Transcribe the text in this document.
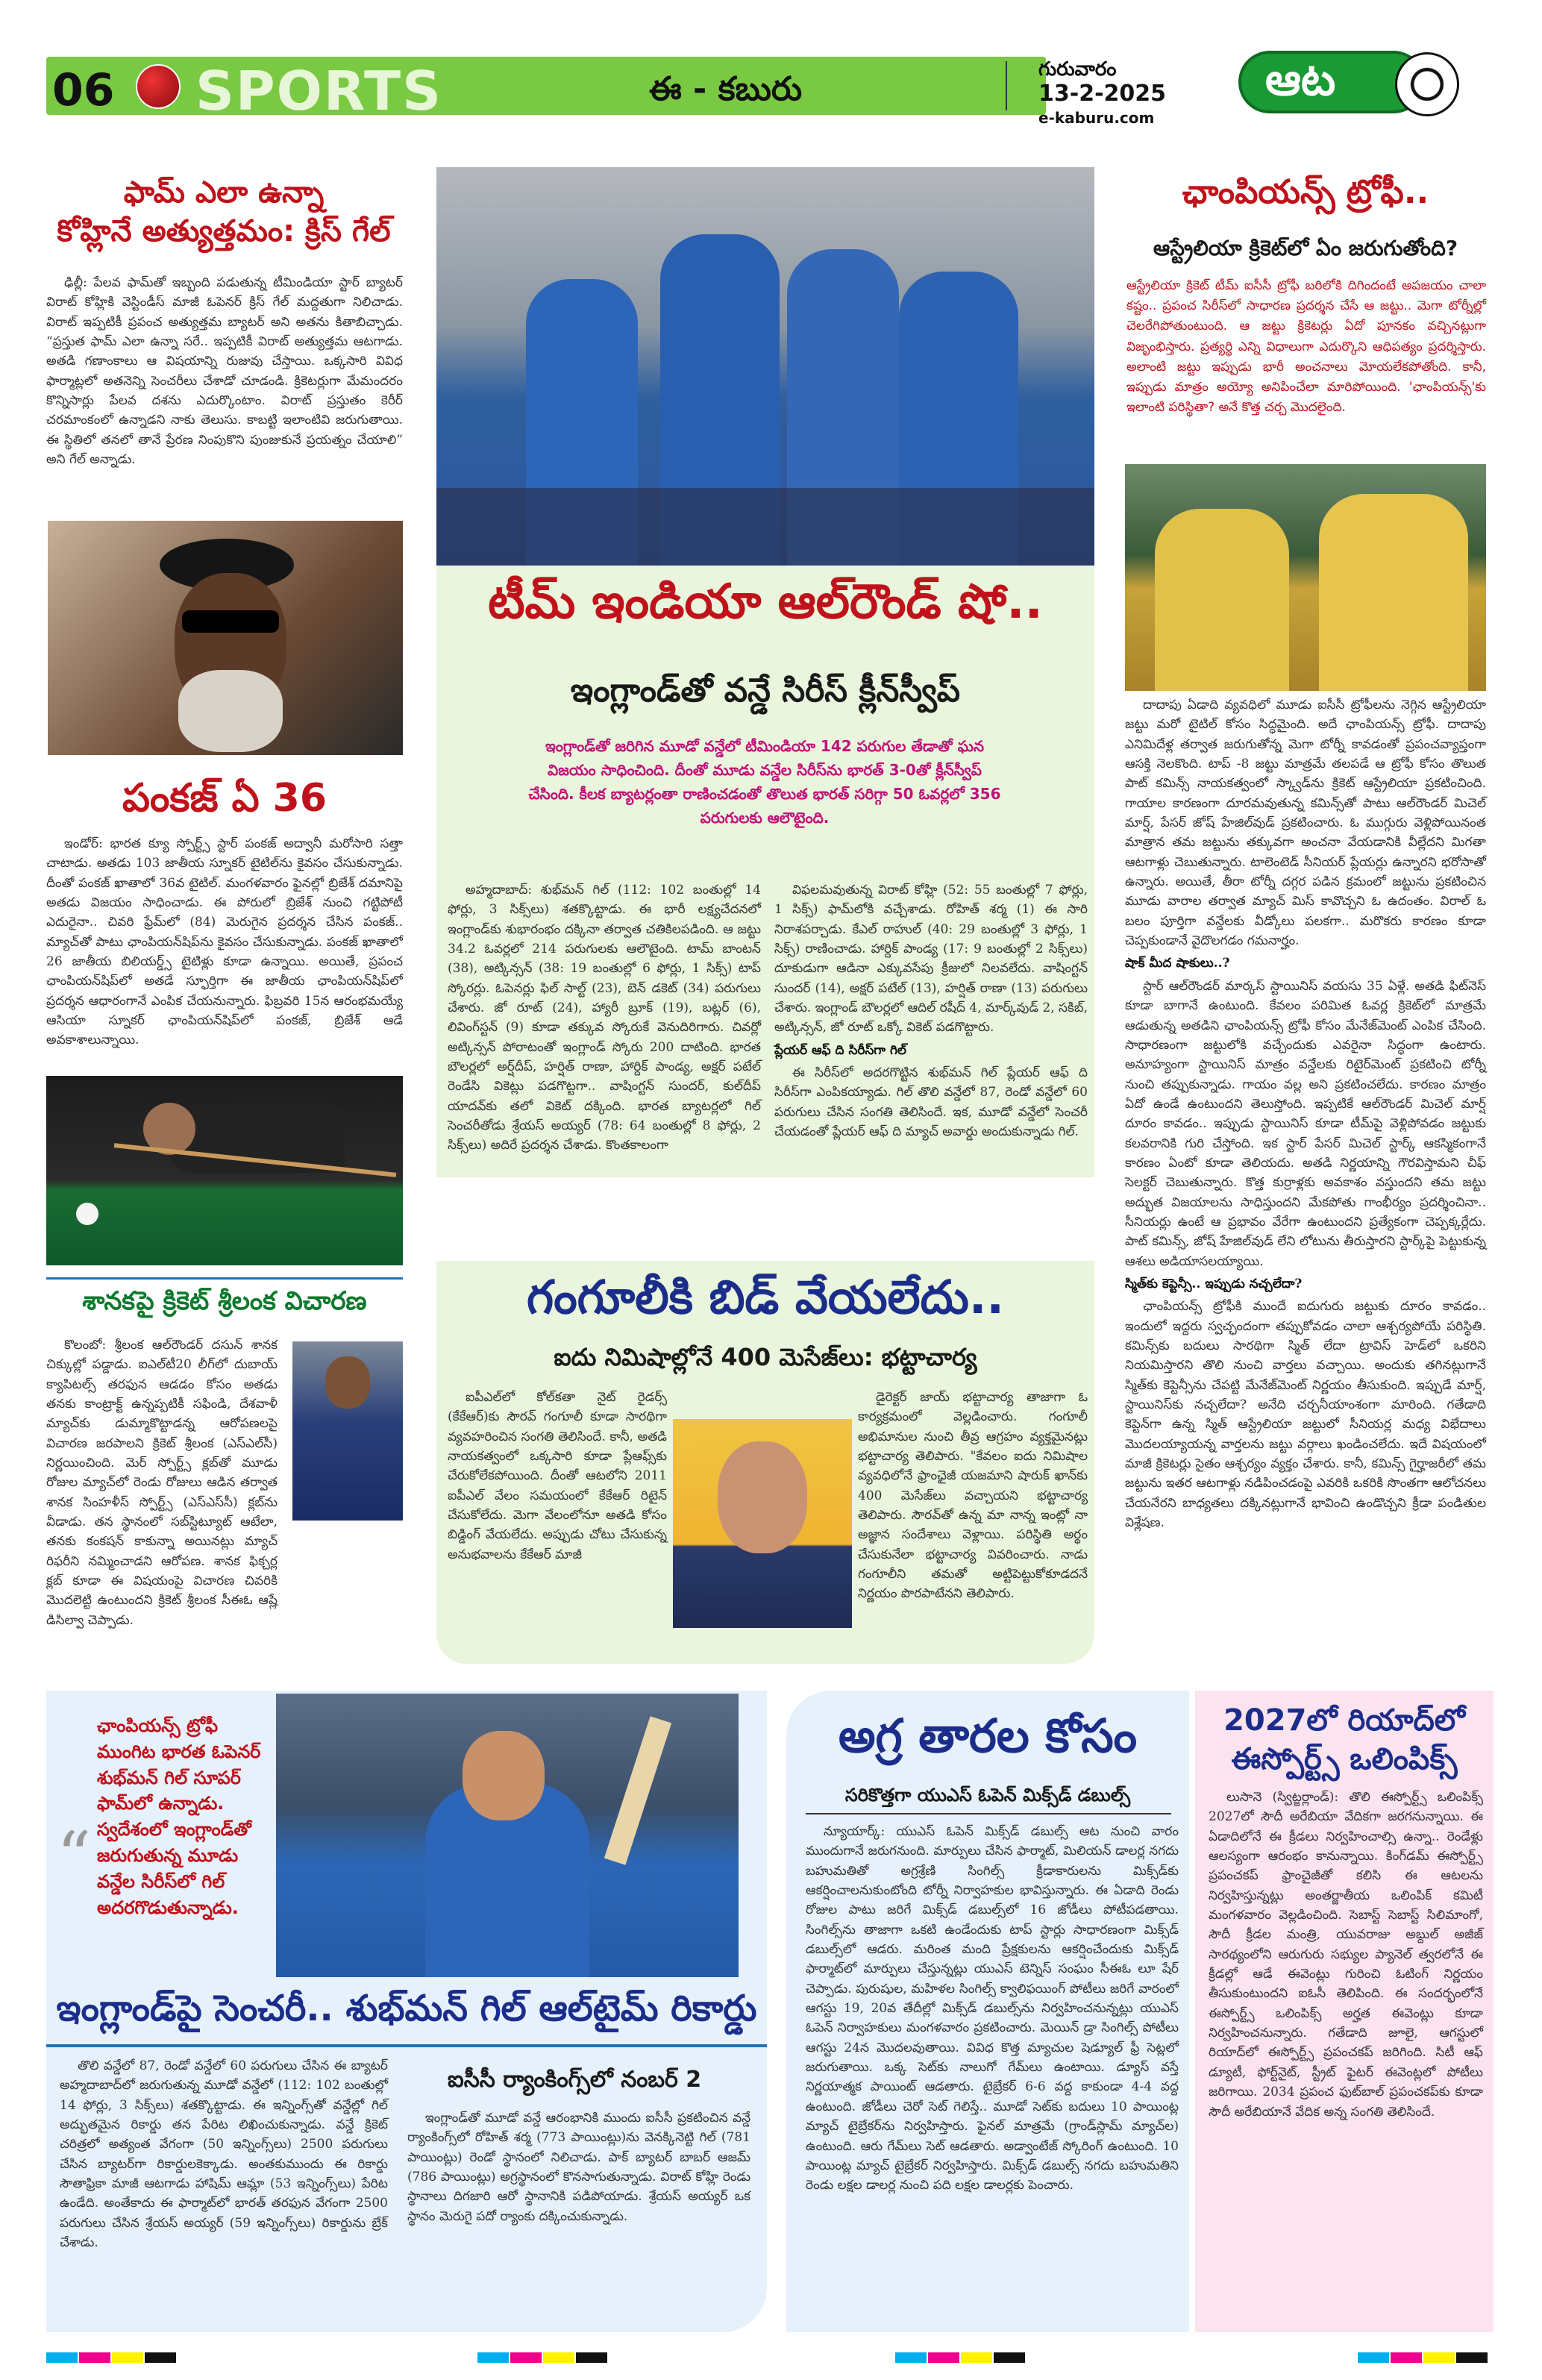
06 SPORTS	ఈ - కబురు
గురువారం
13-2-2025
e-kaburu.com
ఆట
ఫామ్ ఎలా ఉన్నా
కోహ్లినే అత్యుత్తమం: క్రిస్ గేల్

ఢిల్లీ: పేలవ ఫామ్‌తో ఇబ్బంది పడుతున్న టీమిండియా స్టార్ బ్యాటర్ విరాట్ కోహ్లికి వెస్టిండీస్ మాజీ ఓపెనర్ క్రిస్ గేల్ మద్దతుగా నిలిచాడు. విరాట్ ఇప్పటికీ ప్రపంచ అత్యుత్తమ బ్యాటర్ అని అతను కితాబిచ్చాడు. “ప్రస్తుత ఫామ్ ఎలా ఉన్నా సరే.. ఇప్పటికీ విరాట్ అత్యుత్తమ ఆటగాడు. అతడి గణాంకాలు ఆ విషయాన్ని రుజువు చేస్తాయి. ఒక్కసారి వివిధ ఫార్మాట్లలో అతనెన్ని సెంచరీలు చేశాడో చూడండి. క్రికెటర్లుగా మేమందరం కొన్నిసార్లు పేలవ దశను ఎదుర్కొంటాం. విరాట్ ప్రస్తుతం కెరీర్ చరమాంకంలో ఉన్నాడని నాకు తెలుసు. కాబట్టి ఇలాంటివి జరుగుతాయి. ఈ స్థితిలో తనలో తానే ప్రేరణ నింపుకొని పుంజుకునే ప్రయత్నం చేయాలి” అని గేల్ అన్నాడు.

పంకజ్ ఏ 36

ఇండోర్: భారత క్యూ స్పోర్ట్స్ స్టార్ పంకజ్ అద్వానీ మరోసారి సత్తా చాటాడు. అతడు 103 జాతీయ స్నూకర్ టైటిల్‌ను కైవసం చేసుకున్నాడు. దీంతో పంకజ్ ఖాతాలో 36వ టైటిల్. మంగళవారం ఫైనల్లో బ్రిజేశ్ దమానిపై అతడు విజయం సాధించాడు. ఈ పోరులో బ్రిజేశ్ నుంచి గట్టిపోటీ ఎదురైనా.. చివరి ఫ్రేమ్‌లో (84) మెరుగైన ప్రదర్శన చేసిన పంకజ్.. మ్యాచ్‌తో పాటు ఛాంపియన్‌షిప్‌ను కైవసం చేసుకున్నాడు. పంకజ్ ఖాతాలో 26 జాతీయ బిలియర్డ్స్ టైటిళ్లు కూడా ఉన్నాయి. అయితే, ప్రపంచ ఛాంపియన్‌షిప్‌లో అతడే స్ఫూర్తిగా ఈ జాతీయ ఛాంపియన్‌షిప్‌లో ప్రదర్శన ఆధారంగానే ఎంపిక చేయనున్నారు. ఫిబ్రవరి 15న ఆరంభమయ్యే ఆసియా స్నూకర్ ఛాంపియన్‌షిప్‌లో పంకజ్, బ్రిజేశ్ ఆడే అవకాశాలున్నాయి.

శానకపై క్రికెట్ శ్రీలంక విచారణ

కొలంబో: శ్రీలంక ఆల్‌రౌండర్ దసున్ శానక చిక్కుల్లో పడ్డాడు. ఐఎల్‌టీ20 లీగ్‌లో దుబాయ్ క్యాపిటల్స్ తరఫున ఆడడం కోసం అతడు తనకు కాంట్రాక్ట్ ఉన్నప్పటికీ సఫిండి, దేశవాళీ మ్యాచ్‌కు డుమ్మాకొట్టాడన్న ఆరోపణలపై విచారణ జరపాలని క్రికెట్ శ్రీలంక (ఎస్ఎల్‌సీ) నిర్ణయించింది. మెర్ స్పోర్ట్స్ క్లబ్‌తో మూడు రోజుల మ్యాచ్‌లో రెండు రోజులు ఆడిన తర్వాత శానక సింహళీస్ స్పోర్ట్స్ (ఎస్ఎస్‌సీ) క్లబ్‌ను వీడాడు. తన స్థానంలో సబ్‌స్టిట్యూట్ ఆటేలా, తనకు కంకషన్ కాకున్నా అయినట్లు మ్యాచ్ రిఫరీని నమ్మించాడని ఆరోపణ. శానక ఫిక్చర్ల క్లబ్ కూడా ఈ విషయంపై విచారణ చివరికి మొదలెట్టి ఉంటుందని క్రికెట్ శ్రీలంక సీఈఓ ఆష్లే డిసిల్వా చెప్పాడు.

టీమ్ ఇండియా ఆల్‌రౌండ్ షో..
ఇంగ్లాండ్‌తో వన్డే సిరీస్ క్లీన్‌స్వీప్
ఇంగ్లాండ్‌తో జరిగిన మూడో వన్డేలో టీమిండియా 142 పరుగుల తేడాతో ఘన విజయం సాధించింది. దీంతో మూడు వన్డేల సిరీస్‌ను భారత్ 3-0తో క్లీన్‌స్వీప్ చేసింది. కీలక బ్యాటర్లంతా రాణించడంతో తొలుత భారత్ సరిగ్గా 50 ఓవర్లలో 356 పరుగులకు ఆలౌటైంది.

అహ్మదాబాద్: శుభ్‌మన్ గిల్ (112: 102 బంతుల్లో 14 ఫోర్లు, 3 సిక్స్‌లు) శతక్కొట్టాడు. ఈ భారీ లక్ష్యచేదనలో ఇంగ్లాండ్‌కు శుభారంభం దక్కినా తర్వాత చతికిలపడింది. ఆ జట్టు 34.2 ఓవర్లలో 214 పరుగులకు ఆలౌటైంది. టామ్ బాంటన్ (38), అట్కిన్సన్ (38: 19 బంతుల్లో 6 ఫోర్లు, 1 సిక్స్) టాప్ స్కోరర్లు. ఓపెనర్లు ఫిల్ సాల్ట్ (23), బెన్ డకెట్ (34) పరుగులు చేశారు. జో రూట్ (24), హ్యారీ బ్రూక్ (19), బట్లర్ (6), లివింగ్‌స్టన్ (9) కూడా తక్కువ స్కోరుకే వెనుదిరిగారు. చివర్లో అట్కిన్సన్ పోరాటంతో ఇంగ్లాండ్ స్కోరు 200 దాటింది. భారత బౌలర్లలో అర్ష్‌దీప్, హర్షిత్ రాణా, హార్దిక్ పాండ్య, అక్షర్ పటేల్ రెండేసి వికెట్లు పడగొట్టగా.. వాషింగ్టన్ సుందర్, కుల్‌దీప్ యాదవ్‌కు తలో వికెట్ దక్కింది. భారత బ్యాటర్లలో గిల్ సెంచరీతోడు శ్రేయస్ అయ్యర్ (78: 64 బంతుల్లో 8 ఫోర్లు, 2 సిక్స్‌లు) అదిరే ప్రదర్శన చేశాడు. కొంతకాలంగా

విఫలమవుతున్న విరాట్ కోహ్లి (52: 55 బంతుల్లో 7 ఫోర్లు, 1 సిక్స్) ఫామ్‌లోకి వచ్చేశాడు. రోహిత్ శర్మ (1) ఈ సారి నిరాశపర్చాడు. కేఎల్ రాహుల్ (40: 29 బంతుల్లో 3 ఫోర్లు, 1 సిక్స్) రాణించాడు. హార్దిక్ పాండ్య (17: 9 బంతుల్లో 2 సిక్స్‌లు) దూకుడుగా ఆడినా ఎక్కువసేపు క్రీజులో నిలవలేదు. వాషింగ్టన్ సుందర్ (14), అక్షర్ పటేల్ (13), హర్షిత్ రాణా (13) పరుగులు చేశారు. ఇంగ్లాండ్ బౌలర్లలో ఆదిల్ రషీద్ 4, మార్క్‌వుడ్ 2, సకిబ్, అట్కిన్సన్, జో రూట్ ఒక్కో వికెట్ పడగొట్టారు.

ప్లేయర్ ఆఫ్ ది సిరీస్‌గా గిల్

ఈ సిరీస్‌లో అదరగొట్టిన శుభ్‌మన్ గిల్ ప్లేయర్ ఆఫ్ ది సిరీస్‌గా ఎంపికయ్యాడు. గిల్ తొలి వన్డేలో 87, రెండో వన్డేలో 60 పరుగులు చేసిన సంగతి తెలిసిందే. ఇక, మూడో వన్డేలో సెంచరీ చేయడంతో ప్లేయర్ ఆఫ్ ది మ్యాచ్ అవార్డు అందుకున్నాడు గిల్.

గంగూలీకి బిడ్ వేయలేదు..
ఐదు నిమిషాల్లోనే 400 మెసేజ్‌లు: భట్టాచార్య

ఐపీఎల్‌లో కోల్‌కతా నైట్ రైడర్స్ (కేకేఆర్)కు సౌరవ్ గంగూలీ కూడా సారథిగా వ్యవహరించిన సంగతి తెలిసిందే. కానీ, అతడి నాయకత్వంలో ఒక్కసారి కూడా ప్లేఆఫ్స్‌కు చేరుకోలేకపోయింది. దీంతో ఆటలోని 2011 ఐపీఎల్ వేలం సమయంలో కేకేఆర్ రిటైన్ చేసుకోలేదు. మెగా వేలంలోనూ అతడి కోసం బిడ్డింగ్ వేయలేదు. అప్పుడు చోటు చేసుకున్న అనుభవాలను కేకేఆర్ మాజీ

డైరెక్టర్ జాయ్ భట్టాచార్య తాజాగా ఓ కార్యక్రమంలో వెల్లడించారు. గంగూలీ అభిమానుల నుంచి తీవ్ర ఆగ్రహం వ్యక్తమైనట్లు భట్టాచార్య తెలిపారు. "కేవలం ఐదు నిమిషాల వ్యవధిలోనే ఫ్రాంఛైజీ యజమాని షారుక్ ఖాన్‌కు 400 మెసేజ్‌లు వచ్చాయని భట్టాచార్య తెలిపారు. సౌరవ్‌తో ఉన్న మా నాన్న ఇంట్లో నా అజ్ఞాన సందేశాలు వెళ్లాయి. పరిస్థితి అర్థం చేసుకునేలా భట్టాచార్య వివరించారు. నాడు గంగూలీని తమతో అట్టిపెట్టుకోకూడదనే నిర్ణయం పొరపాటేనని తెలిపారు.

ఛాంపియన్స్ ట్రోఫీ..
ఆస్ట్రేలియా క్రికెట్‌లో ఏం జరుగుతోంది?
ఆస్ట్రేలియా క్రికెట్ టీమ్ ఐసీసీ ట్రోఫీ బరిలోకి దిగిందంటే అపజయం చాలా కష్టం.. ప్రపంచ సిరీస్‌లో సాధారణ ప్రదర్శన చేసే ఆ జట్టు.. మెగా టోర్నీల్లో చెలరేగిపోతుంటుంది. ఆ జట్టు క్రికెటర్లు ఏదో పూనకం వచ్చినట్లుగా విజృంభిస్తారు. ప్రత్యర్థి ఎన్ని విధాలుగా ఎదుర్కొని ఆధిపత్యం ప్రదర్శిస్తారు. అలాంటి జట్టు ఇప్పుడు భారీ అంచనాలు మోయలేకపోతోంది. కానీ, ఇప్పుడు మాత్రం అయ్యో అనిపించేలా మారిపోయింది. 'ఛాంపియన్స్'కు ఇలాంటి పరిస్థితా? అనే కొత్త చర్చ మొదలైంది.

దాదాపు ఏడాది వ్యవధిలో మూడు ఐసీసీ ట్రోఫీలను నెగ్గిన ఆస్ట్రేలియా జట్టు మరో టైటిల్ కోసం సిద్ధమైంది. అదే ఛాంపియన్స్ ట్రోఫీ. దాదాపు ఎనిమిదేళ్ల తర్వాత జరుగుతోన్న మెగా టోర్నీ కావడంతో ప్రపంచవ్యాప్తంగా ఆసక్తి నెలకొంది. టాప్ -8 జట్టు మాత్రమే తలపడే ఆ ట్రోఫీ కోసం తొలుత పాట్ కమిన్స్ నాయకత్వంలో స్క్వాడ్‌ను క్రికెట్ ఆస్ట్రేలియా ప్రకటించింది. గాయాల కారణంగా దూరమవుతున్న కమిన్స్‌తో పాటు ఆల్‌రౌండర్ మిచెల్ మార్ష్, పేసర్ జోష్ హేజిల్‌వుడ్ ప్రకటించారు. ఓ ముగ్గురు వెళ్లిపోయినంత మాత్రాన తమ జట్టును తక్కువగా అంచనా వేయడానికి వీల్లేదని మిగతా ఆటగాళ్లు చెబుతున్నారు. టాలెంటెడ్ సీనియర్ ప్లేయర్లు ఉన్నారని భరోసాతో ఉన్నారు. అయితే, తీరా టోర్నీ దగ్గర పడిన క్రమంలో జట్టును ప్రకటించిన మూడు వారాల తర్వాత మ్యాచ్ మిస్ కావొచ్చని ఓ ఉదంతం. విరాల్ ఓ బలం పూర్తిగా వన్డేలకు వీడ్కోలు పలకగా.. మరొకరు కారణం కూడా చెప్పకుండానే వైదొలగడం గమనార్హం.

షాక్ మీద షాకులు..?

స్టార్ ఆల్‌రౌండర్ మార్కస్ స్టాయినిస్ వయసు 35 ఏళ్లే. అతడి ఫిట్‌నెస్ కూడా బాగానే ఉంటుంది. కేవలం పరిమిత ఓవర్ల క్రికెట్‌లో మాత్రమే ఆడుతున్న అతడిని ఛాంపియన్స్ ట్రోఫీ కోసం మేనేజ్‌మెంట్ ఎంపిక చేసింది. సాధారణంగా జట్టులోకి వచ్చేందుకు ఎవరైనా సిద్ధంగా ఉంటారు. అనూహ్యంగా స్టాయినిస్ మాత్రం వన్డేలకు రిటైర్‌మెంట్ ప్రకటించి టోర్నీ నుంచి తప్పుకున్నాడు. గాయం వల్ల అని ప్రకటించలేదు. కారణం మాత్రం ఏదో ఉండే ఉంటుందని తెలుస్తోంది. ఇప్పటికే ఆల్‌రౌండర్ మిచెల్ మార్ష్ దూరం కావడం.. ఇప్పుడు స్టాయినిస్ కూడా టీమ్‌పై వెళ్లిపోవడం జట్టుకు కలవరానికి గురి చేస్తోంది. ఇక స్టార్ పేసర్ మిచెల్ స్టార్క్ ఆకస్మికంగానే కారణం ఏంటో కూడా తెలియదు. అతడి నిర్ణయాన్ని గౌరవిస్తామని చీఫ్ సెలక్టర్ చెబుతున్నారు. కొత్త కుర్రాళ్లకు అవకాశం వస్తుందని తమ జట్టు అద్భుత విజయాలను సాధిస్తుందని మేకపోతు గాంభీర్యం ప్రదర్శించినా.. సీనియర్లు ఉంటే ఆ ప్రభావం వేరేగా ఉంటుందని ప్రత్యేకంగా చెప్పక్కర్లేదు. పాట్ కమిన్స్, జోష్ హేజిల్‌వుడ్ లేని లోటును తీరుస్తారని స్టార్క్‌పై పెట్టుకున్న ఆశలు అడియాసలయ్యాయి.

స్మిత్‌కు కెప్టెన్సీ.. ఇప్పుడు నచ్చలేదా?

ఛాంపియన్స్ ట్రోఫీకి ముందే ఐదుగురు జట్టుకు దూరం కావడం.. ఇందులో ఇద్దరు స్వచ్ఛందంగా తప్పుకోవడం చాలా ఆశ్చర్యపోయే పరిస్థితి. కమిన్స్‌కు బదులు సారథిగా స్మిత్ లేదా ట్రావిస్ హెడ్‌లో ఒకరిని నియమిస్తారని తొలి నుంచి వార్తలు వచ్చాయి. అందుకు తగినట్లుగానే స్మిత్‌కు కెప్టెన్సీను చేపట్టి మేనేజ్‌మెంట్ నిర్ణయం తీసుకుంది. ఇప్పుడే మార్ష్, స్టాయినిస్‌కు నచ్చలేదా? అనేది చర్చనీయాంశంగా మారింది. గతేడాది కెప్టెన్‌గా ఉన్న స్మిత్ ఆస్ట్రేలియా జట్టులో సీనియర్ల మధ్య విభేదాలు మొదలయ్యాయన్న వార్తలను జట్టు వర్గాలు ఖండించలేదు. ఇదే విషయంలో మాజీ క్రికెటర్లు సైతం ఆశ్చర్యం వ్యక్తం చేశారు. కానీ, కమిన్స్ గైర్హాజరీలో తమ జట్టును ఇతర ఆటగాళ్లు నడిపించడంపై ఎవరికి ఒకరికి సొంతగా ఆలోచనలు చేయనేరని బాధ్యతలు దక్కినట్లుగానే భావించి ఉండొచ్చని క్రీడా పండితుల విశ్లేషణ.

“
ఛాంపియన్స్ ట్రోఫీ ముంగిట భారత ఓపెనర్ శుభ్‌మన్ గిల్ సూపర్ ఫామ్‌లో ఉన్నాడు. స్వదేశంలో ఇంగ్లాండ్‌తో జరుగుతున్న మూడు వన్డేల సిరీస్‌లో గిల్ అదరగొడుతున్నాడు.
ఇంగ్లాండ్‌పై సెంచరీ.. శుభ్‌మన్ గిల్ ఆల్‌టైమ్ రికార్డు

తొలి వన్డేలో 87, రెండో వన్డేలో 60 పరుగులు చేసిన ఈ బ్యాటర్ అహ్మదాబాద్‌లో జరుగుతున్న మూడో వన్డేలో (112: 102 బంతుల్లో 14 ఫోర్లు, 3 సిక్స్‌లు) శతక్కొట్టాడు. ఈ ఇన్నింగ్స్‌తో వన్డేల్లో గిల్ అద్భుతమైన రికార్డు తన పేరిట లిఖించుకున్నాడు. వన్డే క్రికెట్ చరిత్రలో అత్యంత వేగంగా (50 ఇన్నింగ్స్‌లు) 2500 పరుగులు చేసిన బ్యాటర్‌గా రికార్డులకెక్కాడు. అంతకుముందు ఈ రికార్డు సౌతాఫ్రికా మాజీ ఆటగాడు హాషిమ్ ఆమ్లా (53 ఇన్నింగ్స్‌లు) పేరిట ఉండేది. అంతేకాదు ఈ ఫార్మాట్‌లో భారత్ తరఫున వేగంగా 2500 పరుగులు చేసిన శ్రేయస్ అయ్యర్ (59 ఇన్నింగ్స్‌లు) రికార్డును బ్రేక్ చేశాడు.

ఐసీసీ ర్యాంకింగ్స్‌లో నంబర్ 2

ఇంగ్లాండ్‌తో మూడో వన్డే ఆరంభానికి ముందు ఐసీసీ ప్రకటించిన వన్డే ర్యాంకింగ్స్‌లో రోహిత్ శర్మ (773 పాయింట్లు)ను వెనక్కినెట్టి గిల్ (781 పాయింట్లు) రెండో స్థానంలో నిలిచాడు. పాక్ బ్యాటర్ బాబర్ ఆజమ్ (786 పాయింట్లు) అగ్రస్థానంలో కొనసాగుతున్నాడు. విరాట్ కోహ్లి రెండు స్థానాలు దిగజారి ఆరో స్థానానికి పడిపోయాడు. శ్రేయస్ అయ్యర్ ఒక స్థానం మెరుగై పదో ర్యాంకు దక్కించుకున్నాడు.

అగ్ర తారల కోసం
సరికొత్తగా యుఎస్ ఓపెన్ మిక్స్‌డ్ డబుల్స్

న్యూయార్క్: యుఎస్ ఓపెన్ మిక్స్‌డ్ డబుల్స్ ఆట నుంచి వారం ముందుగానే జరుగనుంది. మార్పులు చేసిన ఫార్మాట్, మిలియన్ డాలర్ల నగదు బహుమతితో అగ్రశ్రేణి సింగిల్స్ క్రీడాకారులను మిక్స్‌డ్‌కు ఆకర్షించాలనుకుంటోంది టోర్నీ నిర్వాహకుల భావిస్తున్నారు. ఈ ఏడాది రెండు రోజుల పాటు జరిగే మిక్స్‌డ్ డబుల్స్‌లో 16 జోడీలు పోటీపడతాయి. సింగిల్స్‌ను తాజాగా ఒకటి ఉండేందుకు టాప్ స్టార్లు సాధారణంగా మిక్స్‌డ్ డబుల్స్‌లో ఆడరు. మరింత మంది ప్రేక్షకులను ఆకర్షించేందుకు మిక్స్‌డ్ ఫార్మాట్‌లో మార్పులు చేస్తున్నట్లు యుఎస్ టెన్నిస్ సంఘం సీఈఓ లూ షేర్ చెప్పాడు. పురుషుల, మహిళల సింగిల్స్ క్వాలిఫయింగ్ పోటీలు జరిగే వారంలో ఆగస్టు 19, 20వ తేదీల్లో మిక్స్‌డ్ డబుల్స్‌ను నిర్వహించనున్నట్లు యుఎస్ ఓపెన్ నిర్వాహకులు మంగళవారం ప్రకటించారు. మెయిన్ డ్రా సింగిల్స్ పోటీలు ఆగస్టు 24న మొదలవుతాయి. వివిధ కొత్త మ్యాచుల షెడ్యూల్ ఫ్రీ సెట్లలో జరుగుతాయి. ఒక్క సెట్‌కు నాలుగో గేమ్‌లు ఉంటాయి. డ్యూస్ వస్తే నిర్ణయాత్మక పాయింట్ ఆడతారు. టైబ్రేకర్ 6-6 వద్ద కాకుండా 4-4 వద్ద ఉంటుంది. జోడీలు చెరో సెట్ గెలిస్తే.. మూడో సెట్‌కు బదులు 10 పాయింట్ల మ్యాచ్ టైబ్రేకర్‌ను నిర్వహిస్తారు. ఫైనల్ మాత్రమే (గ్రాండ్‌స్లామ్ మ్యాచ్‌ల) ఉంటుంది. ఆరు గేమ్‌లు సెట్ ఆడతారు. అడ్వాంటేజ్ స్కోరింగ్ ఉంటుంది. 10 పాయింట్ల మ్యాచ్ టైబ్రేకర్ నిర్వహిస్తారు. మిక్స్‌డ్ డబుల్స్ నగదు బహుమతిని రెండు లక్షల డాలర్ల నుంచి పది లక్షల డాలర్లకు పెంచారు.

2027లో రియాద్‌లో
ఈస్పోర్ట్స్ ఒలింపిక్స్

లుసానె (స్విట్జర్లాండ్): తొలి ఈస్పోర్ట్స్ ఒలింపిక్స్ 2027లో సౌదీ అరేబియా వేదికగా జరగనున్నాయి. ఈ ఏడాదిలోనే ఈ క్రీడలు నిర్వహించాల్సి ఉన్నా.. రెండేళ్లు ఆలస్యంగా ఆరంభం కానున్నాయి. కింగ్‌డమ్ ఈస్పోర్ట్స్ ప్రపంచకప్ ఫ్రాంచైజీతో కలిసి ఈ ఆటలను నిర్వహిస్తున్నట్లు అంతర్జాతీయ ఒలింపిక్ కమిటీ మంగళవారం వెల్లడించింది. సెబాస్ట్ సెబాస్ట్ సిలిమాంగో, సౌదీ క్రీడల మంత్రి, యువరాజు అబ్దుల్ అజీజ్ సారథ్యంలోని ఆరుగురు సభ్యుల ప్యానెల్ త్వరలోనే ఈ క్రీడల్లో ఆడే ఈవెంట్లు గురించి ఓటింగ్ నిర్ణయం తీసుకుంటుందని ఐఓసీ తెలిపింది. ఈ సందర్భంలోనే ఈస్పోర్ట్స్ ఒలింపిక్స్ అర్హత ఈవెంట్లు కూడా నిర్వహించనున్నారు. గతేడాది జూలై, ఆగస్టులో రియాద్‌లో ఈస్పోర్ట్స్ ప్రపంచకప్ జరిగింది. సిటీ ఆఫ్ డ్యూటీ, ఫోర్ట్‌నైట్, స్ట్రీట్ ఫైటర్ ఈవెంట్లలో పోటీలు జరిగాయి. 2034 ప్రపంచ ఫుట్‌బాల్ ప్రపంచకప్‌కు కూడా సౌదీ అరేబియానే వేదిక అన్న సంగతి తెలిసిందే.
